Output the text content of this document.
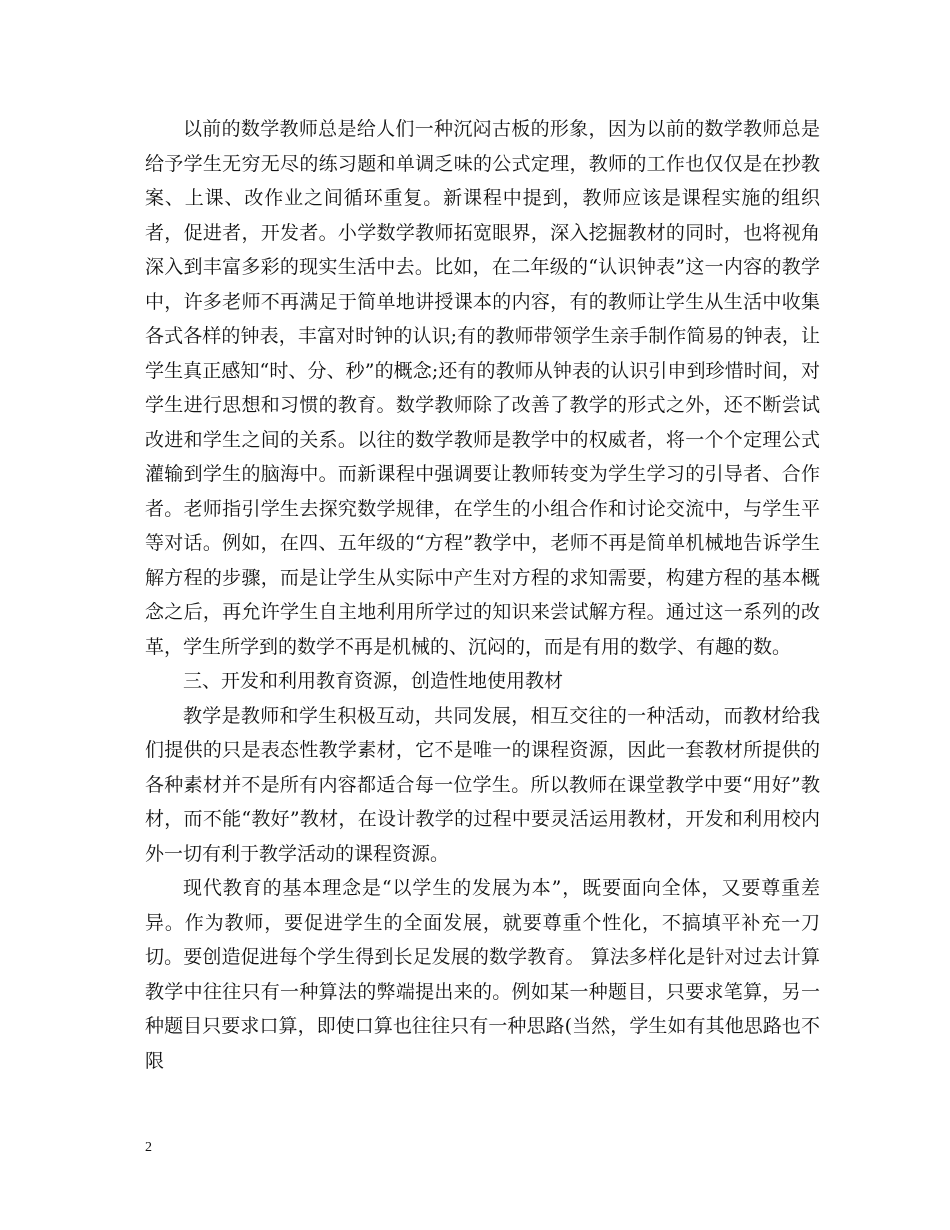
以前的数学教师总是给人们一种沉闷古板的形象，因为以前的数学教师总是给予学生无穷无尽的练习题和单调乏味的公式定理，教师的工作也仅仅是在抄教案、上课、改作业之间循环重复。新课程中提到，教师应该是课程实施的组织者，促进者，开发者。小学数学教师拓宽眼界，深入挖掘教材的同时，也将视角深入到丰富多彩的现实生活中去。比如，在二年级的“认识钟表”这一内容的教学中，许多老师不再满足于简单地讲授课本的内容，有的教师让学生从生活中收集各式各样的钟表，丰富对时钟的认识;有的教师带领学生亲手制作简易的钟表，让学生真正感知“时、分、秒”的概念;还有的教师从钟表的认识引申到珍惜时间，对学生进行思想和习惯的教育。数学教师除了改善了教学的形式之外，还不断尝试改进和学生之间的关系。以往的数学教师是教学中的权威者，将一个个定理公式灌输到学生的脑海中。而新课程中强调要让教师转变为学生学习的引导者、合作者。老师指引学生去探究数学规律，在学生的小组合作和讨论交流中，与学生平等对话。例如，在四、五年级的“方程”教学中，老师不再是简单机械地告诉学生解方程的步骤，而是让学生从实际中产生对方程的求知需要，构建方程的基本概念之后，再允许学生自主地利用所学过的知识来尝试解方程。通过这一系列的改革，学生所学到的数学不再是机械的、沉闷的，而是有用的数学、有趣的数。

三、开发和利用教育资源，创造性地使用教材

教学是教师和学生积极互动，共同发展，相互交往的一种活动，而教材给我们提供的只是表态性教学素材，它不是唯一的课程资源，因此一套教材所提供的各种素材并不是所有内容都适合每一位学生。所以教师在课堂教学中要“用好”教材，而不能“教好”教材，在设计教学的过程中要灵活运用教材，开发和利用校内外一切有利于教学活动的课程资源。

现代教育的基本理念是“以学生的发展为本”，既要面向全体，又要尊重差异。作为教师，要促进学生的全面发展，就要尊重个性化，不搞填平补充一刀切。要创造促进每个学生得到长足发展的数学教育。 算法多样化是针对过去计算教学中往往只有一种算法的弊端提出来的。例如某一种题目，只要求笔算，另一种题目只要求口算，即使口算也往往只有一种思路(当然，学生如有其他思路也不限

2
